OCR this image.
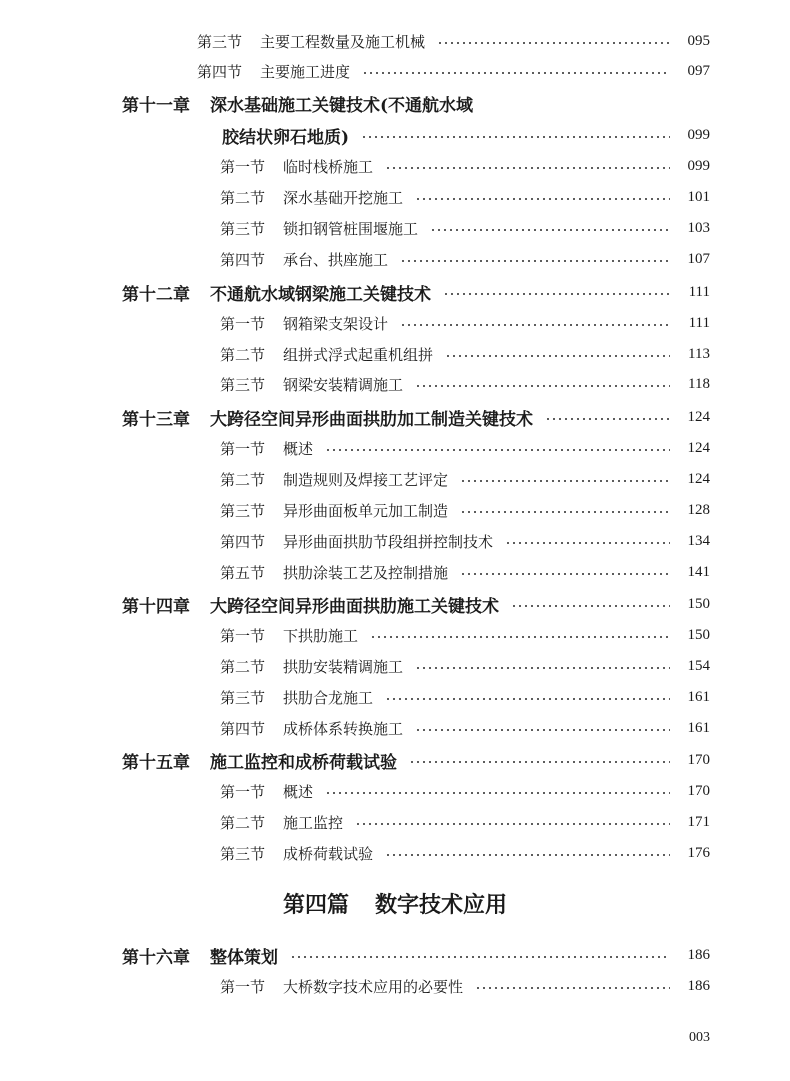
第三节 主要工程数量及施工机械	095
第四节 主要施工进度	097
第十一章 深水基础施工关键技术(不通航水域
胶结状卵石地质)	099
第一节 临时栈桥施工	099
第二节 深水基础开挖施工	101
第三节 锁扣钢管桩围堰施工	103
第四节 承台、拱座施工	107
第十二章 不通航水域钢梁施工关键技术	111
第一节 钢箱梁支架设计	111
第二节 组拼式浮式起重机组拼	113
第三节 钢梁安装精调施工	118
第十三章 大跨径空间异形曲面拱肋加工制造关键技术	124
第一节 概述	124
第二节 制造规则及焊接工艺评定	124
第三节 异形曲面板单元加工制造	128
第四节 异形曲面拱肋节段组拼控制技术	134
第五节 拱肋涂装工艺及控制措施	141
第十四章 大跨径空间异形曲面拱肋施工关键技术	150
第一节 下拱肋施工	150
第二节 拱肋安装精调施工	154
第三节 拱肋合龙施工	161
第四节 成桥体系转换施工	161
第十五章 施工监控和成桥荷载试验	170
第一节 概述	170
第二节 施工监控	171
第三节 成桥荷载试验	176
第四篇 数字技术应用
第十六章 整体策划	186
第一节 大桥数字技术应用的必要性	186
003
